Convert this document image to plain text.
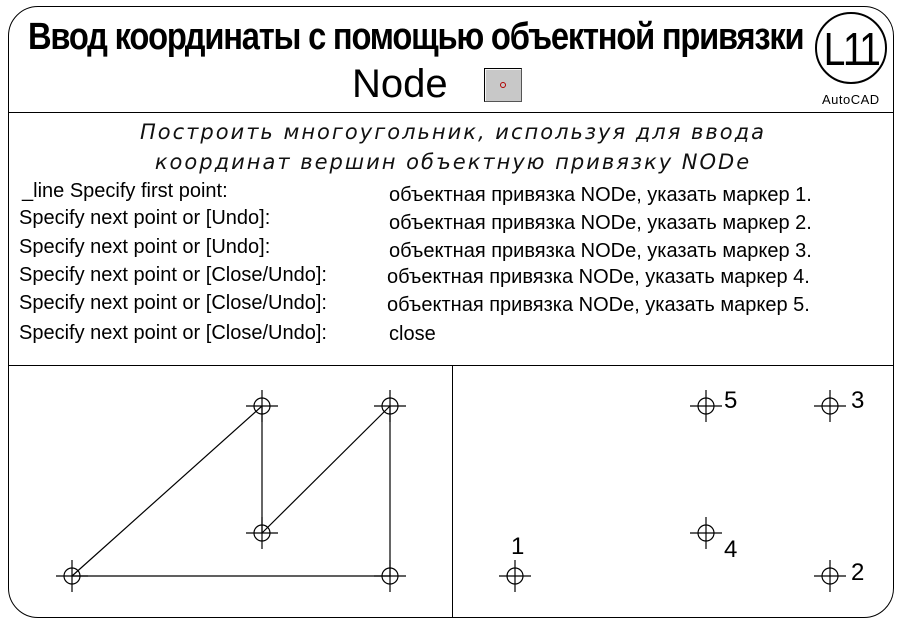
Ввод координаты с помощью объектной привязки
Node
L11
AutoCAD
Построить многоугольник, используя для ввода
координат вершин объектную привязку NODe
_line Specify first point:
Specify next point or [Undo]:
Specify next point or [Undo]:
Specify next point or [Close/Undo]:
Specify next point or [Close/Undo]:
Specify next point or [Close/Undo]:
объектная привязка NODe, указать маркер 1.
объектная привязка NODe, указать маркер 2.
объектная привязка NODe, указать маркер 3.
объектная привязка NODe, указать маркер 4.
объектная привязка NODe, указать маркер 5.
close
1
2
3
4
5
